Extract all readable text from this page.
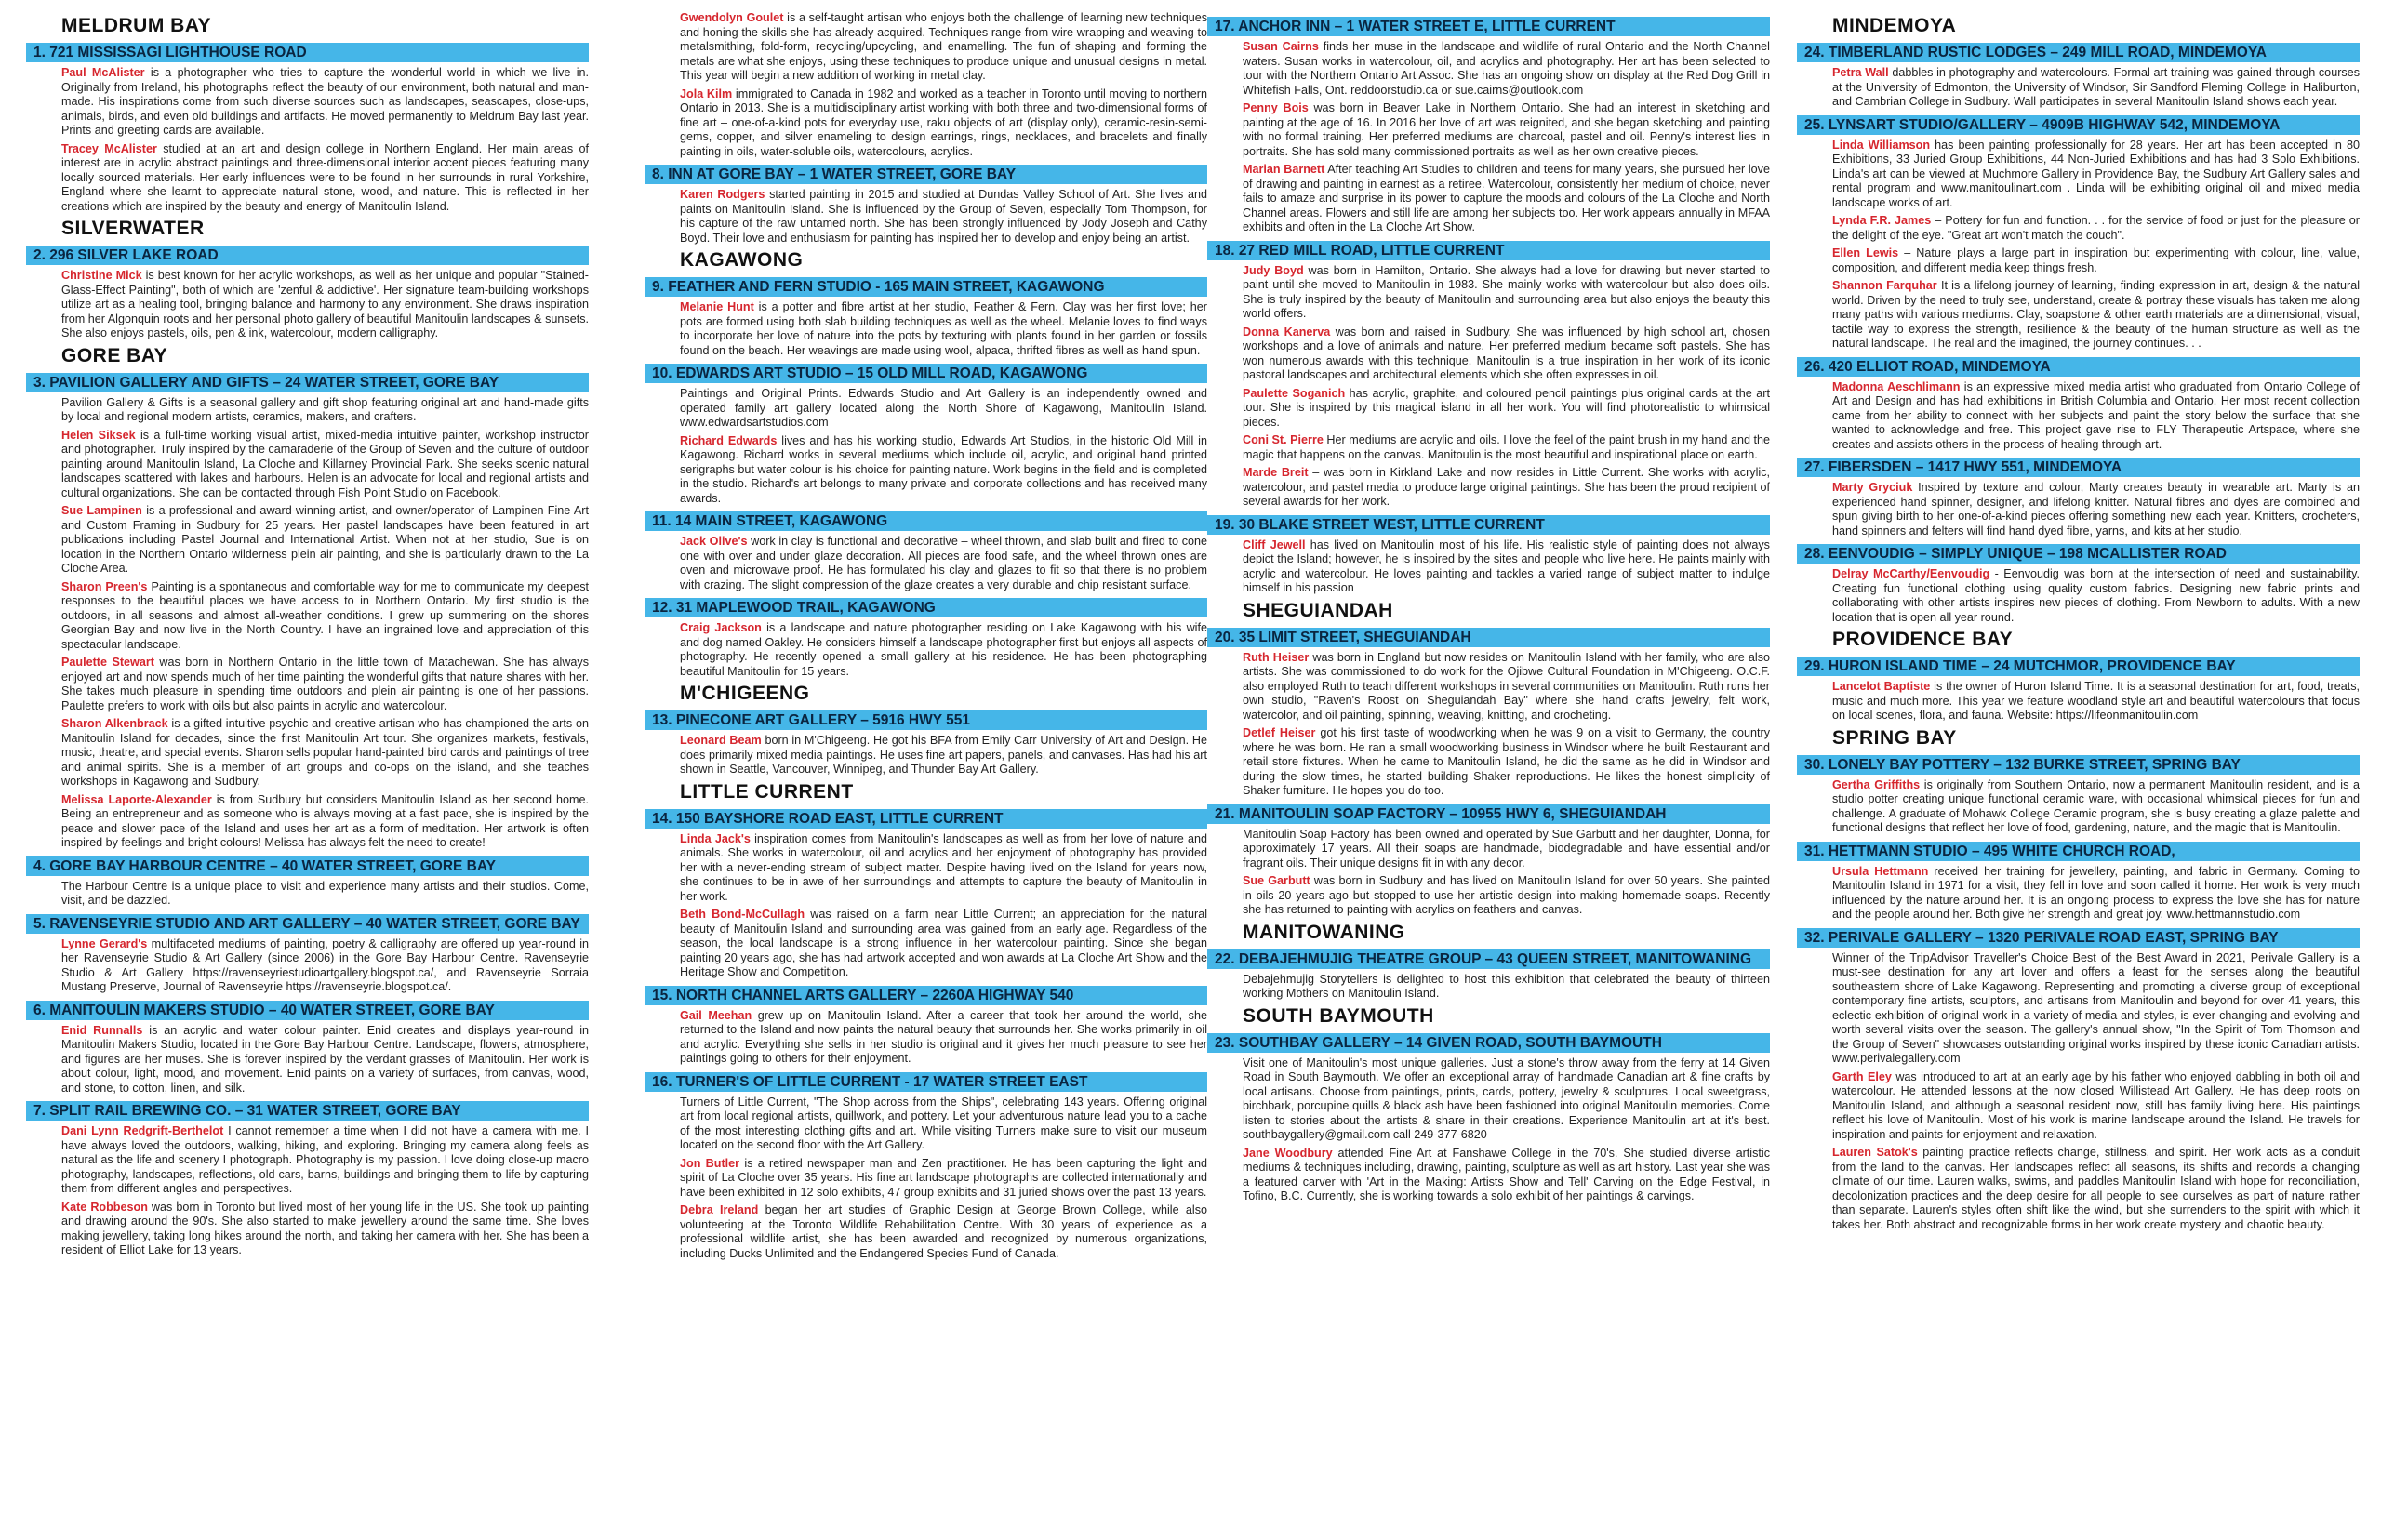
MELDRUM BAY
1. 721 MISSISSAGI LIGHTHOUSE ROAD

Paul McAlister is a photographer who tries to capture the wonderful world in which we live in. Originally from Ireland, his photographs reflect the beauty of our environment, both natural and man-made. His inspirations come from such diverse sources such as landscapes, seascapes, close-ups, animals, birds, and even old buildings and artifacts. He moved permanently to Meldrum Bay last year. Prints and greeting cards are available.

Tracey McAlister studied at an art and design college in Northern England. Her main areas of interest are in acrylic abstract paintings and three-dimensional interior accent pieces featuring many locally sourced materials. Her early influences were to be found in her surrounds in rural Yorkshire, England where she learnt to appreciate natural stone, wood, and nature. This is reflected in her creations which are inspired by the beauty and energy of Manitoulin Island.

SILVERWATER
2. 296 SILVER LAKE ROAD

Christine Mick is best known for her acrylic workshops, as well as her unique and popular "Stained-Glass-Effect Painting", both of which are 'zenful & addictive'. Her signature team-building workshops utilize art as a healing tool, bringing balance and harmony to any environment. She draws inspiration from her Algonquin roots and her personal photo gallery of beautiful Manitoulin landscapes & sunsets. She also enjoys pastels, oils, pen & ink, watercolour, modern calligraphy.

GORE BAY
3. PAVILION GALLERY AND GIFTS – 24 WATER STREET, GORE BAY

Pavilion Gallery & Gifts is a seasonal gallery and gift shop featuring original art and hand-made gifts by local and regional modern artists, ceramics, makers, and crafters.

Helen Siksek is a full-time working visual artist, mixed-media intuitive painter, workshop instructor and photographer. Truly inspired by the camaraderie of the Group of Seven and the culture of outdoor painting around Manitoulin Island, La Cloche and Killarney Provincial Park. She seeks scenic natural landscapes scattered with lakes and harbours. Helen is an advocate for local and regional artists and cultural organizations. She can be contacted through Fish Point Studio on Facebook.

Sue Lampinen is a professional and award-winning artist, and owner/operator of Lampinen Fine Art and Custom Framing in Sudbury for 25 years. Her pastel landscapes have been featured in art publications including Pastel Journal and International Artist. When not at her studio, Sue is on location in the Northern Ontario wilderness plein air painting, and she is particularly drawn to the La Cloche Area.

Sharon Preen's Painting is a spontaneous and comfortable way for me to communicate my deepest responses to the beautiful places we have access to in Northern Ontario. My first studio is the outdoors, in all seasons and almost all-weather conditions. I grew up summering on the shores Georgian Bay and now live in the North Country. I have an ingrained love and appreciation of this spectacular landscape.

Paulette Stewart was born in Northern Ontario in the little town of Matachewan. She has always enjoyed art and now spends much of her time painting the wonderful gifts that nature shares with her. She takes much pleasure in spending time outdoors and plein air painting is one of her passions. Paulette prefers to work with oils but also paints in acrylic and watercolour.

Sharon Alkenbrack is a gifted intuitive psychic and creative artisan who has championed the arts on Manitoulin Island for decades, since the first Manitoulin Art tour. She organizes markets, festivals, music, theatre, and special events. Sharon sells popular hand-painted bird cards and paintings of tree and animal spirits. She is a member of art groups and co-ops on the island, and she teaches workshops in Kagawong and Sudbury.

Melissa Laporte-Alexander is from Sudbury but considers Manitoulin Island as her second home. Being an entrepreneur and as someone who is always moving at a fast pace, she is inspired by the peace and slower pace of the Island and uses her art as a form of meditation. Her artwork is often inspired by feelings and bright colours! Melissa has always felt the need to create!

4. GORE BAY HARBOUR CENTRE – 40 WATER STREET, GORE BAY

The Harbour Centre is a unique place to visit and experience many artists and their studios. Come, visit, and be dazzled.

5. RAVENSEYRIE STUDIO AND ART GALLERY – 40 WATER STREET, GORE BAY

Lynne Gerard's multifaceted mediums of painting, poetry & calligraphy are offered up year-round in her Ravenseyrie Studio & Art Gallery (since 2006) in the Gore Bay Harbour Centre. Ravenseyrie Studio & Art Gallery https://ravenseyriestudioartgallery.blogspot.ca/, and Ravenseyrie Sorraia Mustang Preserve, Journal of Ravenseyrie https://ravenseyrie.blogspot.ca/.

6. MANITOULIN MAKERS STUDIO – 40 WATER STREET, GORE BAY

Enid Runnalls is an acrylic and water colour painter. Enid creates and displays year-round in Manitoulin Makers Studio, located in the Gore Bay Harbour Centre. Landscape, flowers, atmosphere, and figures are her muses. She is forever inspired by the verdant grasses of Manitoulin. Her work is about colour, light, mood, and movement. Enid paints on a variety of surfaces, from canvas, wood, and stone, to cotton, linen, and silk.

7. SPLIT RAIL BREWING CO. – 31 WATER STREET, GORE BAY

Dani Lynn Redgrift-Berthelot I cannot remember a time when I did not have a camera with me. I have always loved the outdoors, walking, hiking, and exploring. Bringing my camera along feels as natural as the life and scenery I photograph. Photography is my passion. I love doing close-up macro photography, landscapes, reflections, old cars, barns, buildings and bringing them to life by capturing them from different angles and perspectives.

Kate Robbeson was born in Toronto but lived most of her young life in the US. She took up painting and drawing around the 90's. She also started to make jewellery around the same time. She loves making jewellery, taking long hikes around the north, and taking her camera with her. She has been a resident of Elliot Lake for 13 years.

Gwendolyn Goulet is a self-taught artisan who enjoys both the challenge of learning new techniques and honing the skills she has already acquired. Techniques range from wire wrapping and weaving to metalsmithing, fold-form, recycling/upcycling, and enamelling. The fun of shaping and forming the metals are what she enjoys, using these techniques to produce unique and unusual designs in metal. This year will begin a new addition of working in metal clay.

Jola Kilm immigrated to Canada in 1982 and worked as a teacher in Toronto until moving to northern Ontario in 2013. She is a multidisciplinary artist working with both three and two-dimensional forms of fine art – one-of-a-kind pots for everyday use, raku objects of art (display only), ceramic-resin-semi-gems, copper, and silver enameling to design earrings, rings, necklaces, and bracelets and finally painting in oils, water-soluble oils, watercolours, acrylics.

8. INN AT GORE BAY – 1 WATER STREET, GORE BAY

Karen Rodgers started painting in 2015 and studied at Dundas Valley School of Art. She lives and paints on Manitoulin Island. She is influenced by the Group of Seven, especially Tom Thompson, for his capture of the raw untamed north. She has been strongly influenced by Jody Joseph and Cathy Boyd. Their love and enthusiasm for painting has inspired her to develop and enjoy being an artist.

KAGAWONG
9. FEATHER AND FERN STUDIO - 165 MAIN STREET, KAGAWONG

Melanie Hunt is a potter and fibre artist at her studio, Feather & Fern. Clay was her first love; her pots are formed using both slab building techniques as well as the wheel. Melanie loves to find ways to incorporate her love of nature into the pots by texturing with plants found in her garden or fossils found on the beach. Her weavings are made using wool, alpaca, thrifted fibres as well as hand spun.

10. EDWARDS ART STUDIO – 15 OLD MILL ROAD, KAGAWONG

Paintings and Original Prints. Edwards Studio and Art Gallery is an independently owned and operated family art gallery located along the North Shore of Kagawong, Manitoulin Island. www.edwardsartstudios.com

Richard Edwards lives and has his working studio, Edwards Art Studios, in the historic Old Mill in Kagawong. Richard works in several mediums which include oil, acrylic, and original hand printed serigraphs but water colour is his choice for painting nature. Work begins in the field and is completed in the studio. Richard's art belongs to many private and corporate collections and has received many awards.

11. 14 MAIN STREET, KAGAWONG

Jack Olive's work in clay is functional and decorative – wheel thrown, and slab built and fired to cone one with over and under glaze decoration. All pieces are food safe, and the wheel thrown ones are oven and microwave proof. He has formulated his clay and glazes to fit so that there is no problem with crazing. The slight compression of the glaze creates a very durable and chip resistant surface.

12. 31 MAPLEWOOD TRAIL, KAGAWONG

Craig Jackson is a landscape and nature photographer residing on Lake Kagawong with his wife and dog named Oakley. He considers himself a landscape photographer first but enjoys all aspects of photography. He recently opened a small gallery at his residence. He has been photographing beautiful Manitoulin for 15 years.

M'CHIGEENG
13. PINECONE ART GALLERY – 5916 HWY 551

Leonard Beam born in M'Chigeeng. He got his BFA from Emily Carr University of Art and Design. He does primarily mixed media paintings. He uses fine art papers, panels, and canvases. Has had his art shown in Seattle, Vancouver, Winnipeg, and Thunder Bay Art Gallery.

LITTLE CURRENT
14. 150 BAYSHORE ROAD EAST, LITTLE CURRENT

Linda Jack's inspiration comes from Manitoulin's landscapes as well as from her love of nature and animals. She works in watercolour, oil and acrylics and her enjoyment of photography has provided her with a never-ending stream of subject matter. Despite having lived on the Island for years now, she continues to be in awe of her surroundings and attempts to capture the beauty of Manitoulin in her work.

Beth Bond-McCullagh was raised on a farm near Little Current; an appreciation for the natural beauty of Manitoulin Island and surrounding area was gained from an early age. Regardless of the season, the local landscape is a strong influence in her watercolour painting. Since she began painting 20 years ago, she has had artwork accepted and won awards at La Cloche Art Show and the Heritage Show and Competition.

15. NORTH CHANNEL ARTS GALLERY – 2260A HIGHWAY 540

Gail Meehan grew up on Manitoulin Island. After a career that took her around the world, she returned to the Island and now paints the natural beauty that surrounds her. She works primarily in oil and acrylic. Everything she sells in her studio is original and it gives her much pleasure to see her paintings going to others for their enjoyment.

16. TURNER'S OF LITTLE CURRENT - 17 WATER STREET EAST

Turners of Little Current, "The Shop across from the Ships", celebrating 143 years. Offering original art from local regional artists, quillwork, and pottery. Let your adventurous nature lead you to a cache of the most interesting clothing gifts and art. While visiting Turners make sure to visit our museum located on the second floor with the Art Gallery.

Jon Butler is a retired newspaper man and Zen practitioner. He has been capturing the light and spirit of La Cloche over 35 years. His fine art landscape photographs are collected internationally and have been exhibited in 12 solo exhibits, 47 group exhibits and 31 juried shows over the past 13 years.

Debra Ireland began her art studies of Graphic Design at George Brown College, while also volunteering at the Toronto Wildlife Rehabilitation Centre. With 30 years of experience as a professional wildlife artist, she has been awarded and recognized by numerous organizations, including Ducks Unlimited and the Endangered Species Fund of Canada.

17. ANCHOR INN – 1 WATER STREET E, LITTLE CURRENT

Susan Cairns finds her muse in the landscape and wildlife of rural Ontario and the North Channel waters. Susan works in watercolour, oil, and acrylics and photography. Her art has been selected to tour with the Northern Ontario Art Assoc. She has an ongoing show on display at the Red Dog Grill in Whitefish Falls, Ont. reddoorstudio.ca or sue.cairns@outlook.com

Penny Bois was born in Beaver Lake in Northern Ontario. She had an interest in sketching and painting at the age of 16. In 2016 her love of art was reignited, and she began sketching and painting with no formal training. Her preferred mediums are charcoal, pastel and oil. Penny's interest lies in portraits. She has sold many commissioned portraits as well as her own creative pieces.

Marian Barnett After teaching Art Studies to children and teens for many years, she pursued her love of drawing and painting in earnest as a retiree. Watercolour, consistently her medium of choice, never fails to amaze and surprise in its power to capture the moods and colours of the La Cloche and North Channel areas. Flowers and still life are among her subjects too. Her work appears annually in MFAA exhibits and often in the La Cloche Art Show.

18. 27 RED MILL ROAD, LITTLE CURRENT

Judy Boyd was born in Hamilton, Ontario. She always had a love for drawing but never started to paint until she moved to Manitoulin in 1983. She mainly works with watercolour but also does oils. She is truly inspired by the beauty of Manitoulin and surrounding area but also enjoys the beauty this world offers.

Donna Kanerva was born and raised in Sudbury. She was influenced by high school art, chosen workshops and a love of animals and nature. Her preferred medium became soft pastels. She has won numerous awards with this technique. Manitoulin is a true inspiration in her work of its iconic pastoral landscapes and architectural elements which she often expresses in oil.

Paulette Soganich has acrylic, graphite, and coloured pencil paintings plus original cards at the art tour. She is inspired by this magical island in all her work. You will find photorealistic to whimsical pieces.

Coni St. Pierre Her mediums are acrylic and oils. I love the feel of the paint brush in my hand and the magic that happens on the canvas. Manitoulin is the most beautiful and inspirational place on earth.

Marde Breit – was born in Kirkland Lake and now resides in Little Current. She works with acrylic, watercolour, and pastel media to produce large original paintings. She has been the proud recipient of several awards for her work.

19. 30 BLAKE STREET WEST, LITTLE CURRENT

Cliff Jewell has lived on Manitoulin most of his life. His realistic style of painting does not always depict the Island; however, he is inspired by the sites and people who live here. He paints mainly with acrylic and watercolour. He loves painting and tackles a varied range of subject matter to indulge himself in his passion

SHEGUIANDAH
20. 35 LIMIT STREET, SHEGUIANDAH

Ruth Heiser was born in England but now resides on Manitoulin Island with her family, who are also artists. She was commissioned to do work for the Ojibwe Cultural Foundation in M'Chigeeng. O.C.F. also employed Ruth to teach different workshops in several communities on Manitoulin. Ruth runs her own studio, "Raven's Roost on Sheguiandah Bay" where she hand crafts jewelry, felt work, watercolor, and oil painting, spinning, weaving, knitting, and crocheting.

Detlef Heiser got his first taste of woodworking when he was 9 on a visit to Germany, the country where he was born. He ran a small woodworking business in Windsor where he built Restaurant and retail store fixtures. When he came to Manitoulin Island, he did the same as he did in Windsor and during the slow times, he started building Shaker reproductions. He likes the honest simplicity of Shaker furniture. He hopes you do too.

21. MANITOULIN SOAP FACTORY – 10955 HWY 6, SHEGUIANDAH

Manitoulin Soap Factory has been owned and operated by Sue Garbutt and her daughter, Donna, for approximately 17 years. All their soaps are handmade, biodegradable and have essential and/or fragrant oils. Their unique designs fit in with any decor.

Sue Garbutt was born in Sudbury and has lived on Manitoulin Island for over 50 years. She painted in oils 20 years ago but stopped to use her artistic design into making homemade soaps. Recently she has returned to painting with acrylics on feathers and canvas.

MANITOWANING
22. DEBAJEHMUJIG THEATRE GROUP – 43 QUEEN STREET, MANITOWANING

Debajehmujig Storytellers is delighted to host this exhibition that celebrated the beauty of thirteen working Mothers on Manitoulin Island.

SOUTH BAYMOUTH
23. SOUTHBAY GALLERY – 14 GIVEN ROAD, SOUTH BAYMOUTH

Visit one of Manitoulin's most unique galleries. Just a stone's throw away from the ferry at 14 Given Road in South Baymouth. We offer an exceptional array of handmade Canadian art & fine crafts by local artisans. Choose from paintings, prints, cards, pottery, jewelry & sculptures. Local sweetgrass, birchbark, porcupine quills & black ash have been fashioned into original Manitoulin memories. Come listen to stories about the artists & share in their creations. Experience Manitoulin art at it's best. southbaygallery@gmail.com call 249-377-6820

Jane Woodbury attended Fine Art at Fanshawe College in the 70's. She studied diverse artistic mediums & techniques including, drawing, painting, sculpture as well as art history. Last year she was a featured carver with 'Art in the Making: Artists Show and Tell' Carving on the Edge Festival, in Tofino, B.C. Currently, she is working towards a solo exhibit of her paintings & carvings.

MINDEMOYA
24. TIMBERLAND RUSTIC LODGES – 249 MILL ROAD, MINDEMOYA

Petra Wall dabbles in photography and watercolours. Formal art training was gained through courses at the University of Edmonton, the University of Windsor, Sir Sandford Fleming College in Haliburton, and Cambrian College in Sudbury. Wall participates in several Manitoulin Island shows each year.

25. LYNSART STUDIO/GALLERY – 4909B HIGHWAY 542, MINDEMOYA

Linda Williamson has been painting professionally for 28 years. Her art has been accepted in 80 Exhibitions, 33 Juried Group Exhibitions, 44 Non-Juried Exhibitions and has had 3 Solo Exhibitions. Linda's art can be viewed at Muchmore Gallery in Providence Bay, the Sudbury Art Gallery sales and rental program and www.manitoulinart.com . Linda will be exhibiting original oil and mixed media landscape works of art.

Lynda F.R. James – Pottery for fun and function. . . for the service of food or just for the pleasure or the delight of the eye. "Great art won't match the couch".

Ellen Lewis – Nature plays a large part in inspiration but experimenting with colour, line, value, composition, and different media keep things fresh.

Shannon Farquhar It is a lifelong journey of learning, finding expression in art, design & the natural world. Driven by the need to truly see, understand, create & portray these visuals has taken me along many paths with various mediums. Clay, soapstone & other earth materials are a dimensional, visual, tactile way to express the strength, resilience & the beauty of the human structure as well as the natural landscape. The real and the imagined, the journey continues. . .

26. 420 ELLIOT ROAD, MINDEMOYA

Madonna Aeschlimann is an expressive mixed media artist who graduated from Ontario College of Art and Design and has had exhibitions in British Columbia and Ontario. Her most recent collection came from her ability to connect with her subjects and paint the story below the surface that she wanted to acknowledge and free. This project gave rise to FLY Therapeutic Artspace, where she creates and assists others in the process of healing through art.

27. FIBERSDEN – 1417 HWY 551, MINDEMOYA

Marty Gryciuk Inspired by texture and colour, Marty creates beauty in wearable art. Marty is an experienced hand spinner, designer, and lifelong knitter. Natural fibres and dyes are combined and spun giving birth to her one-of-a-kind pieces offering something new each year. Knitters, crocheters, hand spinners and felters will find hand dyed fibre, yarns, and kits at her studio.

28. EENVOUDIG – SIMPLY UNIQUE – 198 MCALLISTER ROAD

Delray McCarthy/Eenvoudig - Eenvoudig was born at the intersection of need and sustainability. Creating fun functional clothing using quality custom fabrics. Designing new fabric prints and collaborating with other artists inspires new pieces of clothing. From Newborn to adults. With a new location that is open all year round.

PROVIDENCE BAY
29. HURON ISLAND TIME – 24 MUTCHMOR, PROVIDENCE BAY

Lancelot Baptiste is the owner of Huron Island Time. It is a seasonal destination for art, food, treats, music and much more. This year we feature woodland style art and beautiful watercolours that focus on local scenes, flora, and fauna. Website: https://lifeonmanitoulin.com

SPRING BAY
30. LONELY BAY POTTERY – 132 BURKE STREET, SPRING BAY

Gertha Griffiths is originally from Southern Ontario, now a permanent Manitoulin resident, and is a studio potter creating unique functional ceramic ware, with occasional whimsical pieces for fun and challenge. A graduate of Mohawk College Ceramic program, she is busy creating a glaze palette and functional designs that reflect her love of food, gardening, nature, and the magic that is Manitoulin.

31. HETTMANN STUDIO – 495 WHITE CHURCH ROAD,

Ursula Hettmann received her training for jewellery, painting, and fabric in Germany. Coming to Manitoulin Island in 1971 for a visit, they fell in love and soon called it home. Her work is very much influenced by the nature around her. It is an ongoing process to express the love she has for nature and the people around her. Both give her strength and great joy. www.hettmannstudio.com

32. PERIVALE GALLERY – 1320 PERIVALE ROAD EAST, SPRING BAY

Winner of the TripAdvisor Traveller's Choice Best of the Best Award in 2021, Perivale Gallery is a must-see destination for any art lover and offers a feast for the senses along the beautiful southeastern shore of Lake Kagawong. Representing and promoting a diverse group of exceptional contemporary fine artists, sculptors, and artisans from Manitoulin and beyond for over 41 years, this eclectic exhibition of original work in a variety of media and styles, is ever-changing and evolving and worth several visits over the season. The gallery's annual show, "In the Spirit of Tom Thomson and the Group of Seven" showcases outstanding original works inspired by these iconic Canadian artists. www.perivalegallery.com

Garth Eley was introduced to art at an early age by his father who enjoyed dabbling in both oil and watercolour. He attended lessons at the now closed Willistead Art Gallery. He has deep roots on Manitoulin Island, and although a seasonal resident now, still has family living here. His paintings reflect his love of Manitoulin. Most of his work is marine landscape around the Island. He travels for inspiration and paints for enjoyment and relaxation.

Lauren Satok's painting practice reflects change, stillness, and spirit. Her work acts as a conduit from the land to the canvas. Her landscapes reflect all seasons, its shifts and records a changing climate of our time. Lauren walks, swims, and paddles Manitoulin Island with hope for reconciliation, decolonization practices and the deep desire for all people to see ourselves as part of nature rather than separate. Lauren's styles often shift like the wind, but she surrenders to the spirit with which it takes her. Both abstract and recognizable forms in her work create mystery and chaotic beauty.
